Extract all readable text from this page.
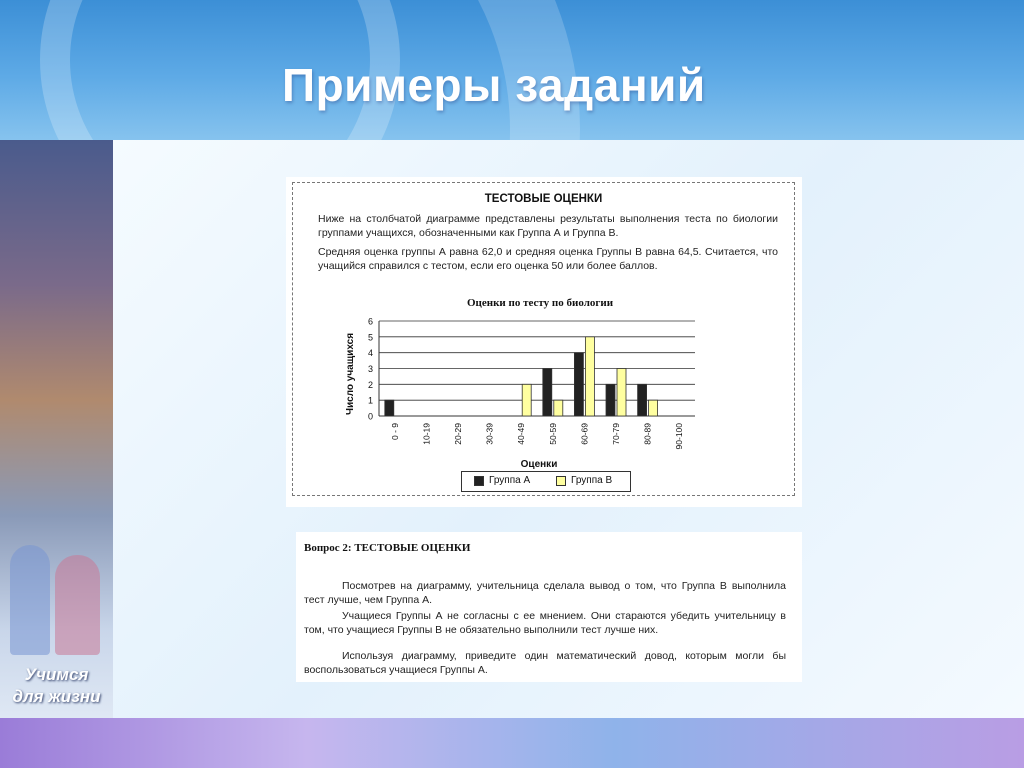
Примеры заданий
Учимся
для жизни
ТЕСТОВЫЕ ОЦЕНКИ

Ниже на столбчатой диаграмме представлены результаты выполнения теста по биологии группами учащихся, обозначенными как Группа А и Группа В.

Средняя оценка группы А равна 62,0 и средняя оценка Группы В равна 64,5. Считается, что учащийся справился с тестом, если его оценка 50 или более баллов.

Оценки по тесту по биологии
0
1
2
3
4
5
6
0 - 9	10-19	20-29	30-39	40-49	50-59	60-69	70-79	80-89	90-100
Число учащихся
Оценки
Группа А	Группа В
Вопрос 2: ТЕСТОВЫЕ ОЦЕНКИ

Посмотрев на диаграмму, учительница сделала вывод о том, что Группа В выполнила тест лучше, чем Группа А.

Учащиеся Группы А не согласны с ее мнением. Они стараются убедить учительницу в том, что учащиеся Группы В не обязательно выполнили тест лучше них.

Используя диаграмму, приведите один математический довод, которым могли бы воспользоваться учащиеся Группы А.
